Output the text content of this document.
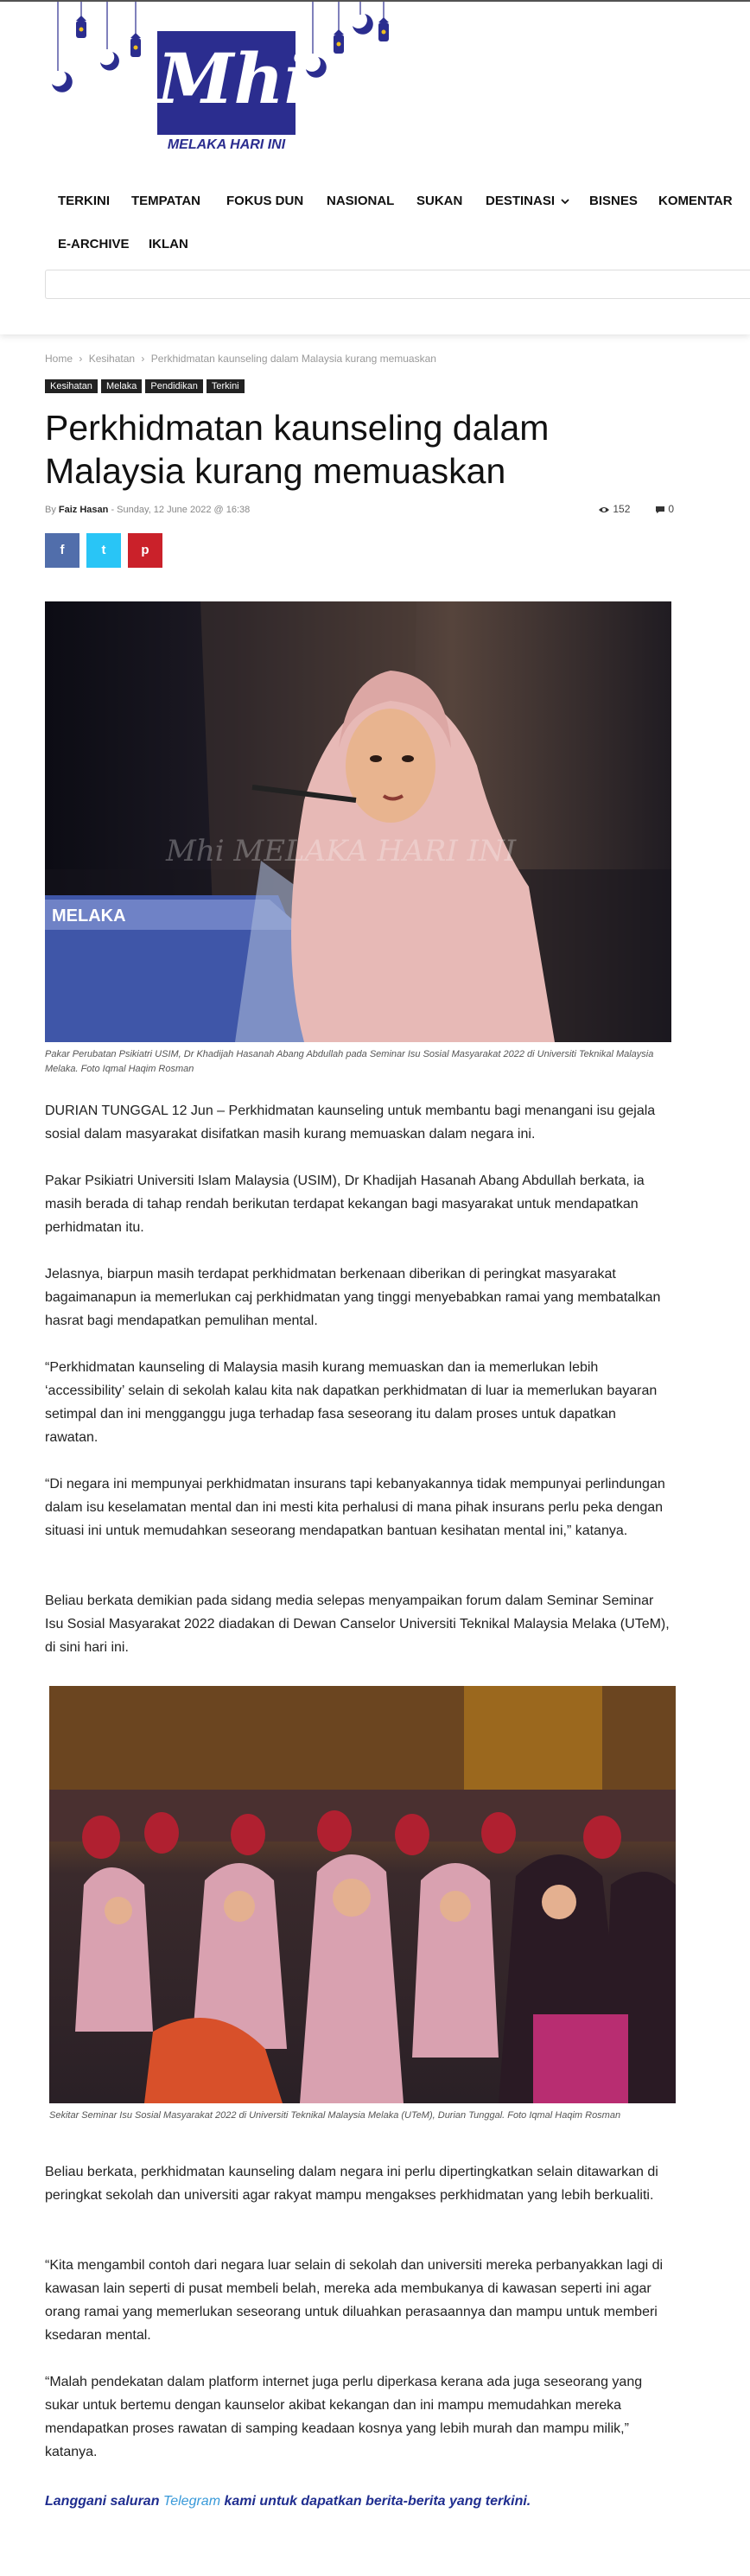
Mhi
MELAKA HARI INI
TERKINI TEMPATAN FOKUS DUN NASIONAL SUKAN DESTINASI	BISNES KOMENTAR
E-ARCHIVE IKLAN
Home › Kesihatan › Perkhidmatan kaunseling dalam Malaysia kurang memuaskan
Kesihatan Melaka Pendidikan Terkini
Perkhidmatan kaunseling dalam Malaysia kurang memuaskan
By Faiz Hasan - Sunday, 12 June 2022 @ 16:38	152	0
f	t	p
MELAKA
Mhi MELAKA HARI INI
Pakar Perubatan Psikiatri USIM, Dr Khadijah Hasanah Abang Abdullah pada Seminar Isu Sosial Masyarakat 2022 di Universiti Teknikal Malaysia Melaka. Foto Iqmal Haqim Rosman

DURIAN TUNGGAL 12 Jun – Perkhidmatan kaunseling untuk membantu bagi menangani isu gejala sosial dalam masyarakat disifatkan masih kurang memuaskan dalam negara ini.

Pakar Psikiatri Universiti Islam Malaysia (USIM), Dr Khadijah Hasanah Abang Abdullah berkata, ia masih berada di tahap rendah berikutan terdapat kekangan bagi masyarakat untuk mendapatkan perhidmatan itu.

Jelasnya, biarpun masih terdapat perkhidmatan berkenaan diberikan di peringkat masyarakat bagaimanapun ia memerlukan caj perkhidmatan yang tinggi menyebabkan ramai yang membatalkan hasrat bagi mendapatkan pemulihan mental.

“Perkhidmatan kaunseling di Malaysia masih kurang memuaskan dan ia memerlukan lebih ‘accessibility’ selain di sekolah kalau kita nak dapatkan perkhidmatan di luar ia memerlukan bayaran setimpal dan ini mengganggu juga terhadap fasa seseorang itu dalam proses untuk dapatkan rawatan.

“Di negara ini mempunyai perkhidmatan insurans tapi kebanyakannya tidak mempunyai perlindungan dalam isu keselamatan mental dan ini mesti kita perhalusi di mana pihak insurans perlu peka dengan situasi ini untuk memudahkan seseorang mendapatkan bantuan kesihatan mental ini,” katanya.

Beliau berkata demikian pada sidang media selepas menyampaikan forum dalam Seminar Seminar Isu Sosial Masyarakat 2022 diadakan di Dewan Canselor Universiti Teknikal Malaysia Melaka (UTeM), di sini hari ini.

Sekitar Seminar Isu Sosial Masyarakat 2022 di Universiti Teknikal Malaysia Melaka (UTeM), Durian Tunggal. Foto Iqmal Haqim Rosman

Beliau berkata, perkhidmatan kaunseling dalam negara ini perlu dipertingkatkan selain ditawarkan di peringkat sekolah dan universiti agar rakyat mampu mengakses perkhidmatan yang lebih berkualiti.

“Kita mengambil contoh dari negara luar selain di sekolah dan universiti mereka perbanyakkan lagi di kawasan lain seperti di pusat membeli belah, mereka ada membukanya di kawasan seperti ini agar orang ramai yang memerlukan seseorang untuk diluahkan perasaannya dan mampu untuk memberi ksedaran mental.

“Malah pendekatan dalam platform internet juga perlu diperkasa kerana ada juga seseorang yang sukar untuk bertemu dengan kaunselor akibat kekangan dan ini mampu memudahkan mereka mendapatkan proses rawatan di samping keadaan kosnya yang lebih murah dan mampu milik,” katanya.

Langgani saluran Telegram kami untuk dapatkan berita-berita yang terkini.
